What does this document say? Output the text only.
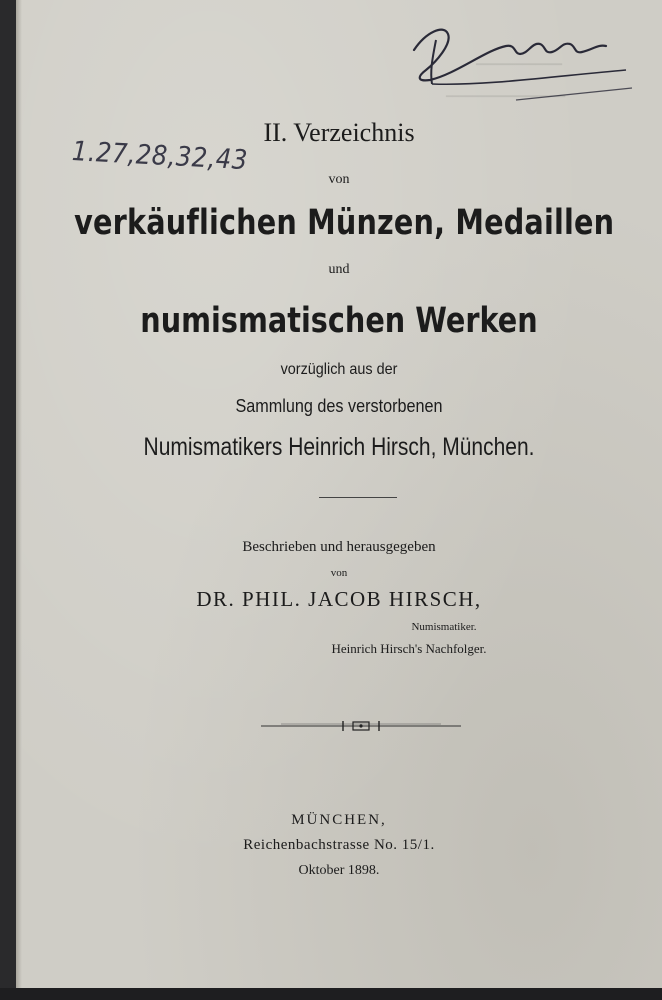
━━━━━━━━━━━━━
━━━━━━━━━━━━━━━━━━
1.27,28,32,43
II. Verzeichnis
von
verkäuflichen Münzen, Medaillen
und
numismatischen Werken
vorzüglich aus der
Sammlung des verstorbenen
Numismatikers Heinrich Hirsch, München.
Beschrieben und herausgegeben
von
DR. PHIL. JACOB HIRSCH,
Numismatiker.
Heinrich Hirsch's Nachfolger.
MÜNCHEN,
Reichenbachstrasse No. 15/1.
Oktober 1898.
